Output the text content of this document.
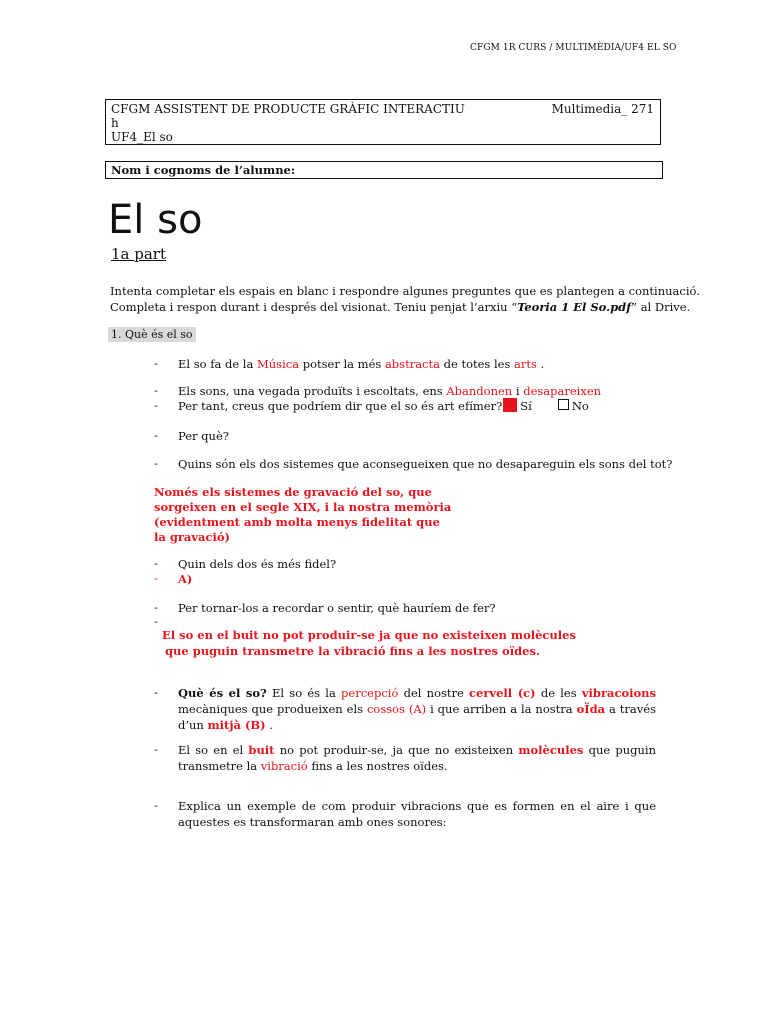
CFGM 1R CURS / MULTIMÈDIA/UF4 EL SO
CFGM ASSISTENT DE PRODUCTE GRÀFIC INTERACTIU
h
UF4_El so
Multimedia_ 271
Nom i cognoms de l’alumne:
El so
1a part
Intenta completar els espais en blanc i respondre algunes preguntes que es plantegen a continuació.
Completa i respon durant i després del visionat. Teniu penjat l’arxiu “Teoria 1 El So.pdf” al Drive.
1. Què és el so
- El so fa de la Música potser la més abstracta de totes les arts .
- Els sons, una vegada produïts i escoltats, ens Abandonen i desapareixen
- Per tant, creus que podríem dir que el so és art efímer? Sí	No
- Per què?
- Quins són els dos sistemes que aconsegueixen que no desapareguin els sons del tot?
Només els sistemes de gravació del so, que
sorgeixen en el segle XIX, i la nostra memòria
(evidentment amb molta menys fidelitat que
la gravació)
- Quin dels dos és més fidel?
- A)
- Per tornar-los a recordar o sentir, què hauríem de fer?
-
El so en el buit no pot produir-se ja que no existeixen molècules
que puguin transmetre la vibració fins a les nostres oïdes.
- Què és el so? El so és la percepció del nostre cervell (c) de les vibracoions mecàniques que produeixen els cossos (A) i que arriben a la nostra oÏda a través d’un mitjà (B) .
- El so en el buit no pot produir-se, ja que no existeixen molècules que puguin transmetre la vibració fins a les nostres oïdes.
- Explica un exemple de com produir vibracions que es formen en el aire i que aquestes es transformaran amb ones sonores:
